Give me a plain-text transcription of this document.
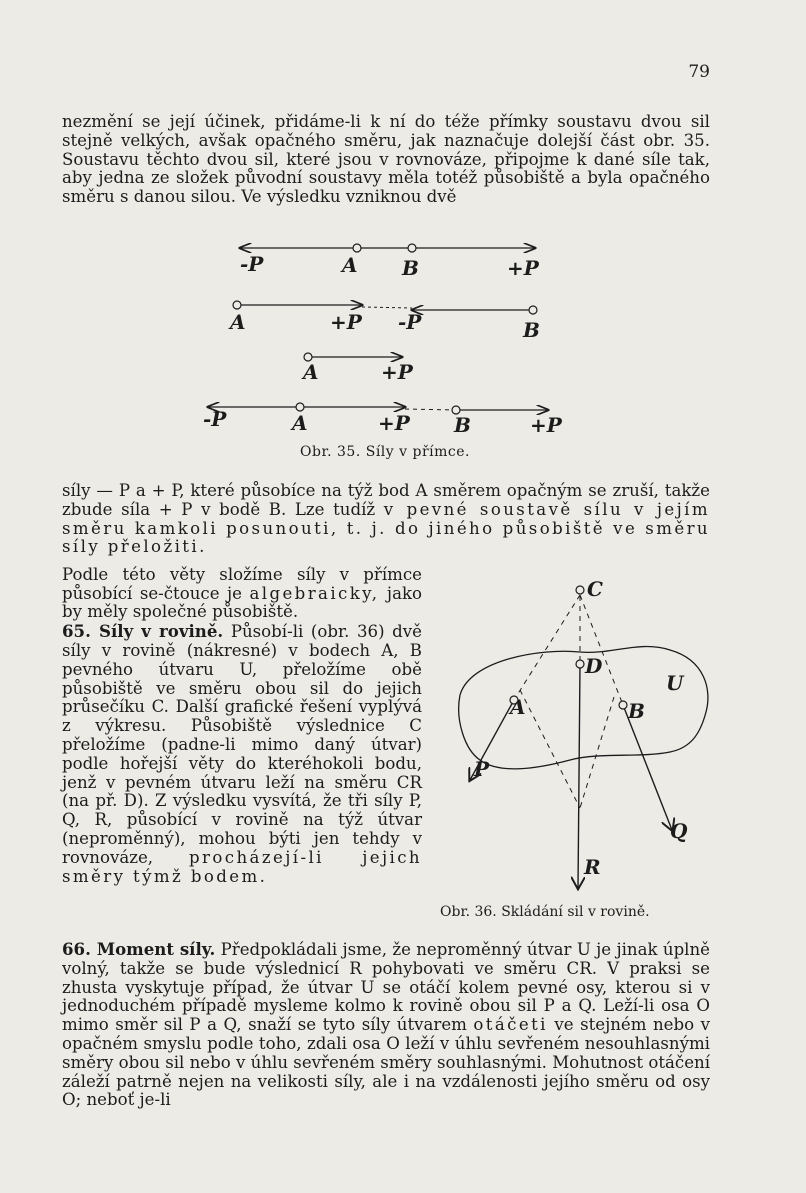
79
nezmění se její účinek, přidáme-li k ní do téže přímky soustavu dvou sil stejně velkých, avšak opačného směru, jak naznačuje dolejší část obr. 35. Soustavu těchto dvou sil, které jsou v rovnováze, připojme k dané síle tak, aby jedna ze složek původní soustavy měla totéž působiště a byla opačného směru s danou silou. Ve výsledku vzniknou dvě
-P	A B	+P
A	+P -P	B
A	+P
-P	A	+P B	+P
Obr. 35. Síly v přímce.
síly — P a + P, které působíce na týž bod A směrem opačným se zruší, takže zbude síla + P v bodě B. Lze tudíž v pevné soustavě sílu v jejím směru kamkoli posunouti, t. j. do jiného působiště ve směru síly přeložiti.
Podle této věty složíme síly v přímce působící se-čtouce je algebraicky, jako by měly společné působiště.
65. Síly v rovině. Působí-li (obr. 36) dvě síly v rovině (nákresné) v bodech A, B pevného útvaru U, přeložíme obě působiště ve směru obou sil do jejich průsečíku C. Další grafické řešení vyplývá z výkresu. Působiště výslednice C přeložíme (padne-li mimo daný útvar) podle hořejší věty do kteréhokoli bodu, jenž v pevném útvaru leží na směru CR (na př. D). Z výsledku vysvítá, že tři síly P, Q, R, působící v rovině na týž útvar (neproměnný), mohou býti jen tehdy v rovnováze, procházejí-li jejich směry týmž bodem.
C
D
U
A	B
P
Q
R
Obr. 36. Skládání sil v rovině.
66. Moment síly. Předpokládali jsme, že neproměnný útvar U je jinak úplně volný, takže se bude výslednicí R pohybovati ve směru CR. V praksi se zhusta vyskytuje případ, že útvar U se otáčí kolem pevné osy, kterou si v jednoduchém případě mysleme kolmo k rovině obou sil P a Q. Leží-li osa O mimo směr sil P a Q, snaží se tyto síly útvarem otáčeti ve stejném nebo v opačném smyslu podle toho, zdali osa O leží v úhlu sevřeném nesouhlasnými směry obou sil nebo v úhlu sevřeném směry souhlasnými. Mohutnost otáčení záleží patrně nejen na velikosti síly, ale i na vzdálenosti jejího směru od osy O; neboť je-li
